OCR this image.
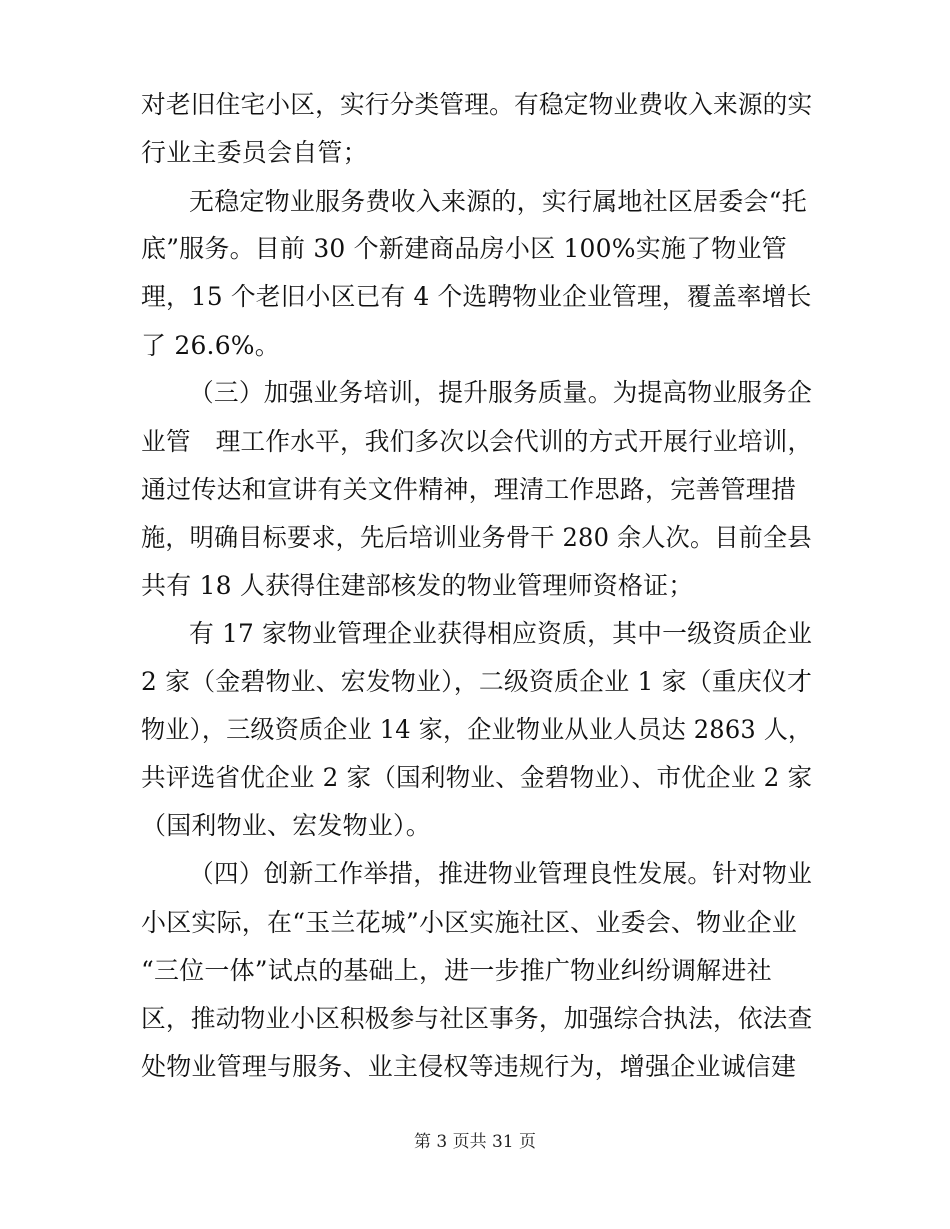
对老旧住宅小区，实行分类管理。有稳定物业费收入来源的实
行业主委员会自管；
无稳定物业服务费收入来源的，实行属地社区居委会“托
底”服务。目前 30 个新建商品房小区 100%实施了物业管
理，15 个老旧小区已有 4 个选聘物业企业管理，覆盖率增长
了 26.6%。
（三）加强业务培训，提升服务质量。为提高物业服务企
业管　理工作水平，我们多次以会代训的方式开展行业培训，
通过传达和宣讲有关文件精神，理清工作思路，完善管理措
施，明确目标要求，先后培训业务骨干 280 余人次。目前全县
共有 18 人获得住建部核发的物业管理师资格证；
有 17 家物业管理企业获得相应资质，其中一级资质企业
2 家（金碧物业、宏发物业），二级资质企业 1 家（重庆仪才
物业），三级资质企业 14 家，企业物业从业人员达 2863 人，
共评选省优企业 2 家（国利物业、金碧物业）、市优企业 2 家
（国利物业、宏发物业）。
（四）创新工作举措，推进物业管理良性发展。针对物业
小区实际，在“玉兰花城”小区实施社区、业委会、物业企业
“三位一体”试点的基础上，进一步推广物业纠纷调解进社
区，推动物业小区积极参与社区事务，加强综合执法，依法查
处物业管理与服务、业主侵权等违规行为，增强企业诚信建
第 3 页共 31 页
